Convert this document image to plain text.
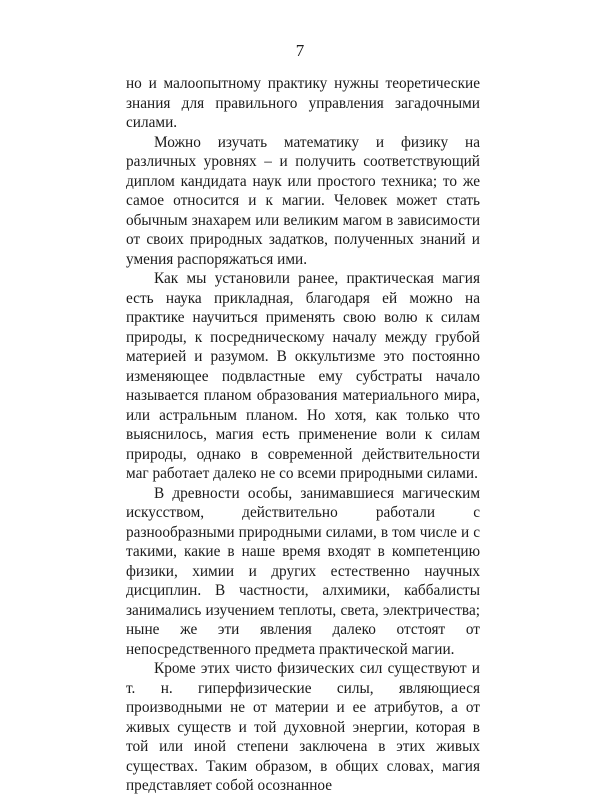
7

но и малоопытному практику нужны теоретические знания для правильного управления загадочными силами.

Можно изучать математику и физику на различных уровнях – и получить соответствующий диплом кандидата наук или простого техника; то же самое относится и к магии. Человек может стать обычным знахарем или великим магом в зависимости от своих природных задатков, полученных знаний и умения распоряжаться ими.

Как мы установили ранее, практическая магия есть наука прикладная, благодаря ей можно на практике научиться применять свою волю к силам природы, к посредническому началу между грубой материей и разумом. В оккультизме это постоянно изменяющее подвластные ему субстраты начало называется планом образования материального мира, или астральным планом. Но хотя, как только что выяснилось, магия есть применение воли к силам природы, однако в современной действительности маг работает далеко не со всеми природными силами.

В древности особы, занимавшиеся магическим искусством, действительно работали с разнообразными природными силами, в том числе и с такими, какие в наше время входят в компетенцию физики, химии и других естественно научных дисциплин. В частности, алхимики, каббалисты занимались изучением теплоты, света, электричества; ныне же эти явления далеко отстоят от непосредственного предмета практической магии.

Кроме этих чисто физических сил существуют и т. н. гиперфизические силы, являющиеся производными не от материи и ее атрибутов, а от живых существ и той духовной энергии, которая в той или иной степени заключена в этих живых существах. Таким образом, в общих словах, магия представляет собой осознанное
